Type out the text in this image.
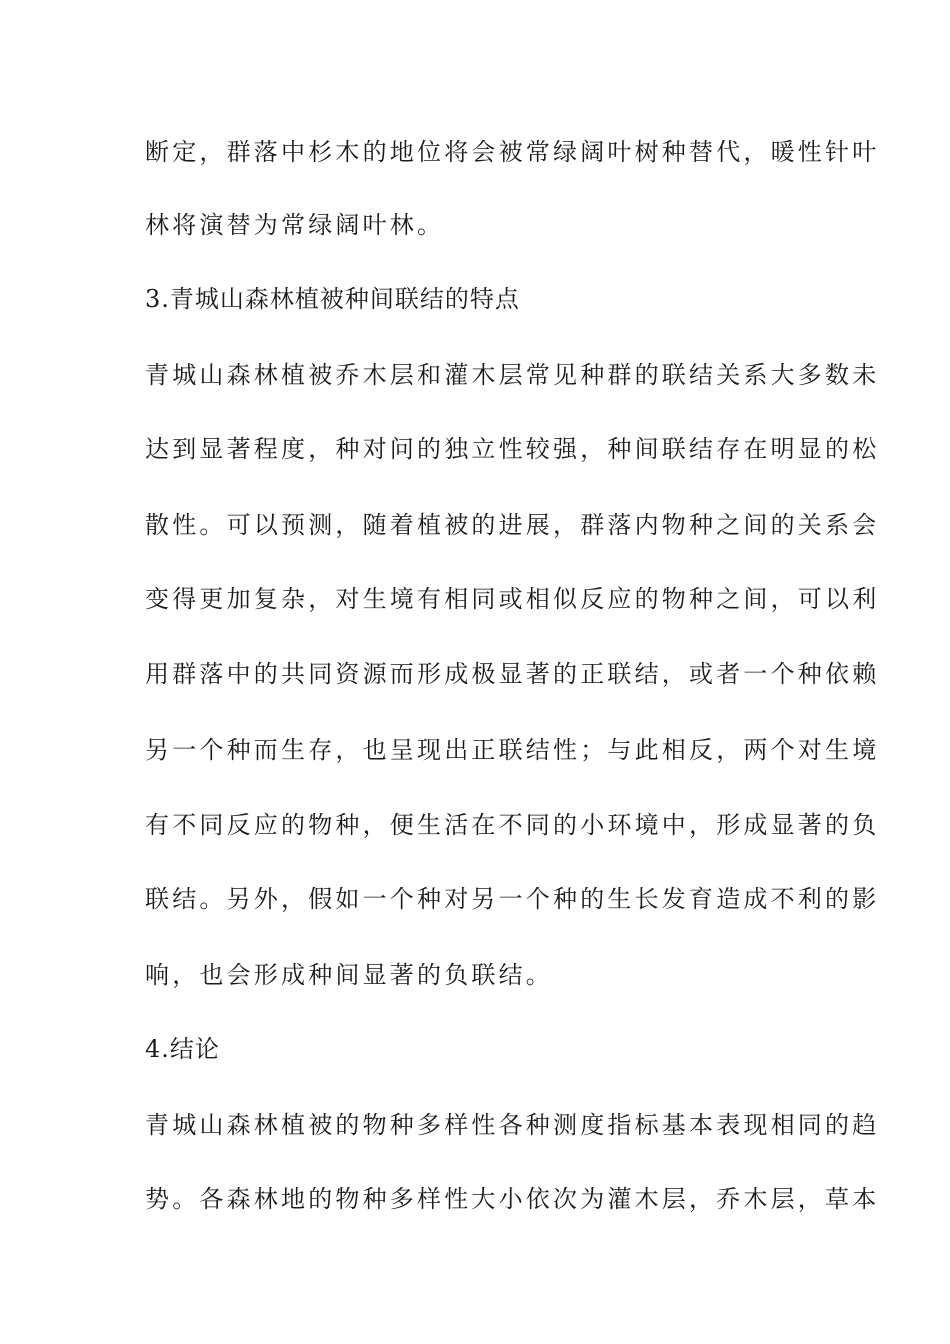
断定，群落中杉木的地位将会被常绿阔叶树种替代，暖性针叶
林将演替为常绿阔叶林。
3.青城山森林植被种间联结的特点
青城山森林植被乔木层和灌木层常见种群的联结关系大多数未
达到显著程度，种对问的独立性较强，种间联结存在明显的松
散性。可以预测，随着植被的进展，群落内物种之间的关系会
变得更加复杂，对生境有相同或相似反应的物种之间，可以利
用群落中的共同资源而形成极显著的正联结，或者一个种依赖
另一个种而生存，也呈现出正联结性；与此相反，两个对生境
有不同反应的物种，便生活在不同的小环境中，形成显著的负
联结。另外，假如一个种对另一个种的生长发育造成不利的影
响，也会形成种间显著的负联结。
4.结论
青城山森林植被的物种多样性各种测度指标基本表现相同的趋
势。各森林地的物种多样性大小依次为灌木层，乔木层，草本
